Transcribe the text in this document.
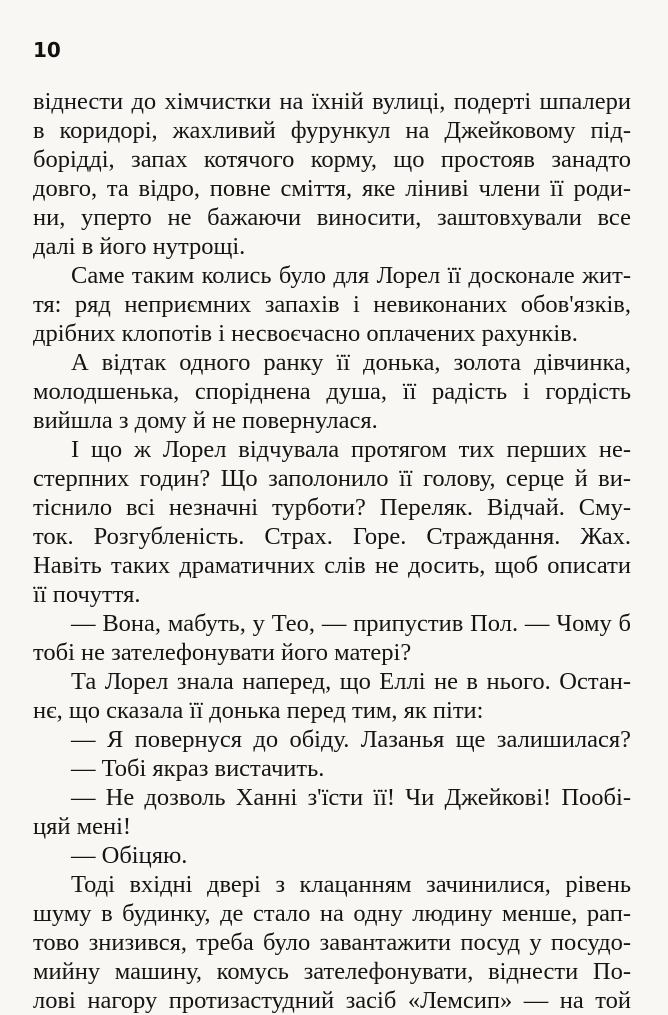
10
віднести до хімчистки на їхній вулиці, подерті шпалери
в коридорі, жахливий фурункул на Джейковому під-
борідді, запах котячого корму, що простояв занадто
довго, та відро, повне сміття, яке ліниві члени її роди-
ни, уперто не бажаючи виносити, заштовхували все
далі в його нутрощі.
Саме таким колись було для Лорел її досконале жит-
тя: ряд неприємних запахів і невиконаних обов'язків,
дрібних клопотів і несвоєчасно оплачених рахунків.
А відтак одного ранку її донька, золота дівчинка,
молодшенька, споріднена душа, її радість і гордість
вийшла з дому й не повернулася.
І що ж Лорел відчувала протягом тих перших не-
стерпних годин? Що заполонило її голову, серце й ви-
тіснило всі незначні турботи? Переляк. Відчай. Сму-
ток. Розгубленість. Страх. Горе. Страждання. Жах.
Навіть таких драматичних слів не досить, щоб описати
її почуття.
— Вона, мабуть, у Тео, — припустив Пол. — Чому б
тобі не зателефонувати його матері?
Та Лорел знала наперед, що Еллі не в нього. Остан-
нє, що сказала її донька перед тим, як піти:
— Я повернуся до обіду. Лазанья ще залишилася?
— Тобі якраз вистачить.
— Не дозволь Ханні з'їсти її! Чи Джейкові! Пообі-
цяй мені!
— Обіцяю.
Тоді вхідні двері з клацанням зачинилися, рівень
шуму в будинку, де стало на одну людину менше, рап-
тово знизився, треба було завантажити посуд у посудо-
мийну машину, комусь зателефонувати, віднести По-
лові нагору протизастудний засіб «Лемсип» — на той
